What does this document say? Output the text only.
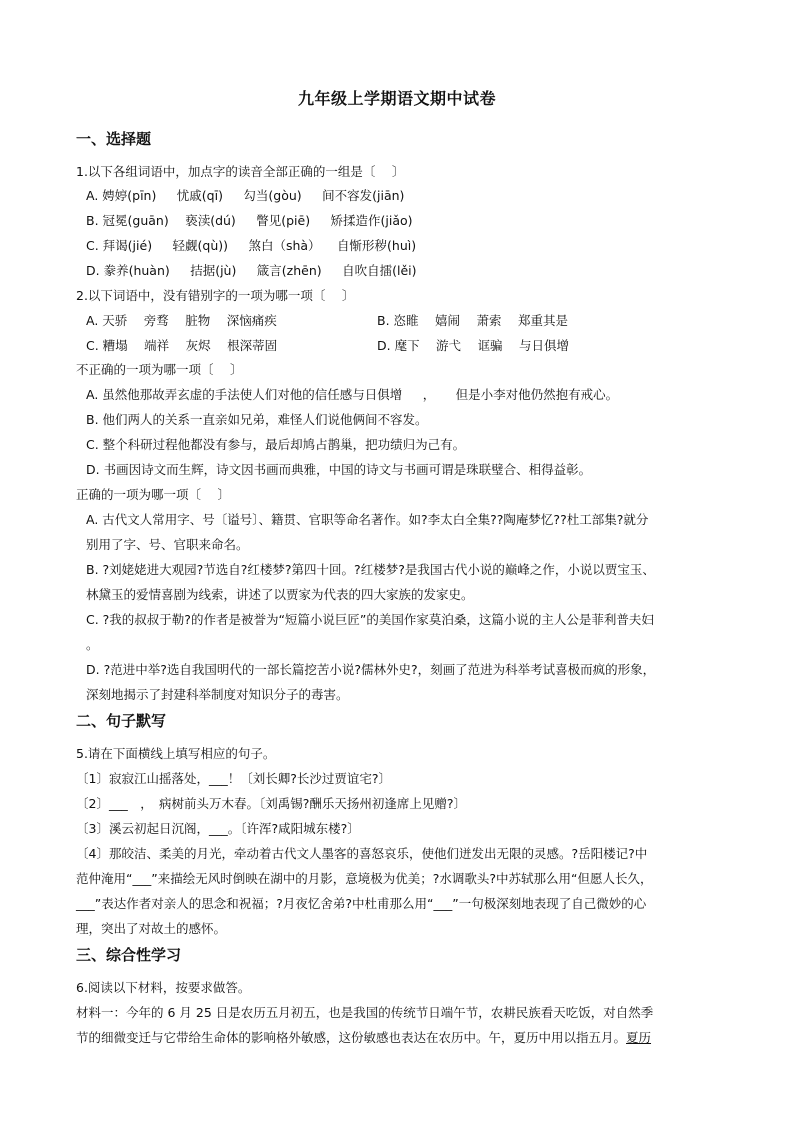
九年级上学期语文期中试卷
一、选择题
1.以下各组词语中，加点字的读音全部正确的一组是〔 　〕
A. 娉婷(pīn) 　 忧戚(qī) 　 勾当(gòu) 　 间不容发(jiān)
B. 冠冕(guān) 　亵渎(dú) 　 瞥见(piē) 　 矫揉造作(jiǎo)
C. 拜谒(jié) 　 轻觑(qù)) 　 煞白（shà） 　自惭形秽(huì)
D. 豢养(huàn) 　 拮据(jù) 　 箴言(zhēn) 　 自吹自擂(lěi)
2.以下词语中，没有错别字的一项为哪一项〔 　〕
A. 天骄 　旁骛 　脏物 　深恼痛疾	B. 恣睢 　嬉闹 　萧索 　郑重其是
C. 糟塌 　端祥 　灰烬 　根深蒂固	D. 麾下 　游弋 　诓骗 　与日俱增
不正确的一项为哪一项〔 　〕
A. 虽然他那故弄玄虚的手法使人们对他的信任感与日俱增 　 ， 　 但是小李对他仍然抱有戒心。
B. 他们两人的关系一直亲如兄弟，难怪人们说他俩间不容发。
C. 整个科研过程他都没有参与，最后却鸠占鹊巢，把功绩归为己有。
D. 书画因诗文而生辉，诗文因书画而典雅，中国的诗文与书画可谓是珠联璧合、相得益彰。
正确的一项为哪一项〔 　〕
A. 古代文人常用字、号〔谥号〕、籍贯、官职等命名著作。如?李太白全集??陶庵梦忆??杜工部集?就分
别用了字、号、官职来命名。
B. ?刘姥姥进大观园?节选自?红楼梦?第四十回。?红楼梦?是我国古代小说的巅峰之作，小说以贾宝玉、
林黛玉的爱情喜剧为线索，讲述了以贾家为代表的四大家族的发家史。
C. ?我的叔叔于勒?的作者是被誉为“短篇小说巨匠”的美国作家莫泊桑，这篇小说的主人公是菲利普夫妇
。
D. ?范进中举?选自我国明代的一部长篇挖苦小说?儒林外史?，刻画了范进为科举考试喜极而疯的形象，
深刻地揭示了封建科举制度对知识分子的毒害。
二、句子默写
5.请在下面横线上填写相应的句子。
〔1〕寂寂江山摇落处，___！〔刘长卿?长沙过贾谊宅?〕
〔2〕___　，　病树前头万木春。〔刘禹锡?酬乐天扬州初逢席上见赠?〕
〔3〕溪云初起日沉阁，___。〔许浑?咸阳城东楼?〕
〔4〕那皎洁、柔美的月光，牵动着古代文人墨客的喜怒哀乐，使他们迸发出无限的灵感。?岳阳楼记?中
范仲淹用“___”来描绘无风时倒映在湖中的月影，意境极为优美；?水调歌头?中苏轼那么用“但愿人长久，
___”表达作者对亲人的思念和祝福；?月夜忆舍弟?中杜甫那么用“___”一句极深刻地表现了自己微妙的心
理，突出了对故土的感怀。
三、综合性学习
6.阅读以下材料，按要求做答。
材料一：今年的 6 月 25 日是农历五月初五，也是我国的传统节日端午节，农耕民族看天吃饭，对自然季
节的细微变迁与它带给生命体的影响格外敏感，这份敏感也表达在农历中。午，夏历中用以指五月。夏历
